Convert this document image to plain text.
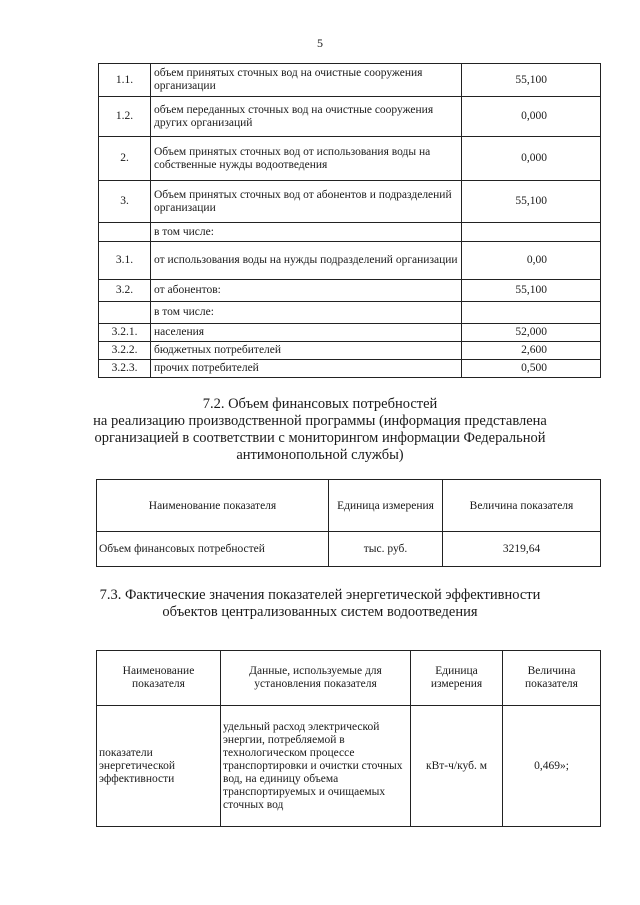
5
1.1.	объем принятых сточных вод на очистные сооружения организации	55,100
1.2.	объем переданных сточных вод на очистные сооружения других организаций	0,000
2.	Объем принятых сточных вод от использования воды на собственные нужды водоотведения	0,000
3.	Объем принятых сточных вод от абонентов и подразделений организации	55,100
	в том числе:	
3.1.	от использования воды на нужды подразделений организации	0,00
3.2.	от абонентов:	55,100
	в том числе:	
3.2.1.	населения	52,000
3.2.2.	бюджетных потребителей	2,600
3.2.3.	прочих потребителей	0,500
7.2. Объем финансовых потребностей
на реализацию производственной программы (информация представлена организацией в соответствии с мониторингом информации Федеральной антимонопольной службы)
Наименование показателя	Единица измерения	Величина показателя
Объем финансовых потребностей	тыс. руб.	3219,64
7.3. Фактические значения показателей энергетической эффективности объектов централизованных систем водоотведения
Наименование показателя	Данные, используемые для установления показателя	Единица измерения	Величина показателя
показатели энергетической эффективности	удельный расход электрической энергии, потребляемой в технологическом процессе транспортировки и очистки сточных вод, на единицу объема транспортируемых и очищаемых сточных вод	кВт-ч/куб. м	0,469»;
